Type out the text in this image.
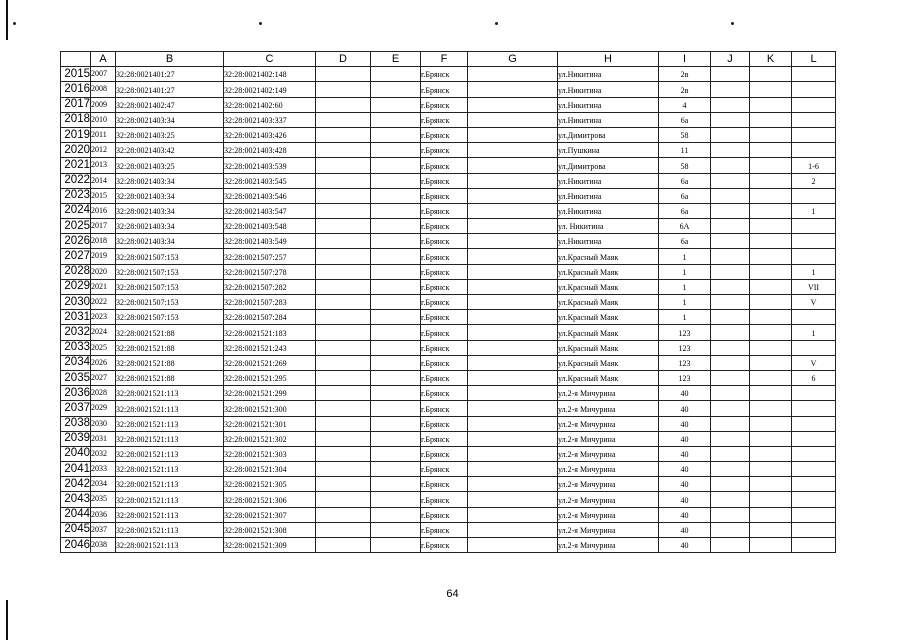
	A	B	C	D	E	F	G	H	I	J	K	L
2015	2007	32:28:0021401:27	32:28:0021402:148			г.Брянск		ул.Никитина	2в			
2016	2008	32:28:0021401:27	32:28:0021402:149			г.Брянск		ул.Никитина	2в			
2017	2009	32:28:0021402:47	32:28:0021402:60			г.Брянск		ул.Никитина	4			
2018	2010	32:28:0021403:34	32:28:0021403:337			г.Брянск		ул.Никитина	6а			
2019	2011	32:28:0021403:25	32:28:0021403:426			г.Брянск		ул.Димитрова	58			
2020	2012	32:28:0021403:42	32:28:0021403:428			г.Брянск		ул.Пушкина	11			
2021	2013	32:28:0021403:25	32:28:0021403:539			г.Брянск		ул.Димитрова	58			1-6
2022	2014	32:28:0021403:34	32:28:0021403:545			г.Брянск		ул.Никитина	6а			2
2023	2015	32:28:0021403:34	32:28:0021403:546			г.Брянск		ул.Никитина	6а			
2024	2016	32:28:0021403:34	32:28:0021403:547			г.Брянск		ул.Никитина	6а			1
2025	2017	32:28:0021403:34	32:28:0021403:548			г.Брянск		ул. Никитина	6А			
2026	2018	32:28:0021403:34	32:28:0021403:549			г.Брянск		ул.Никитина	6а			
2027	2019	32:28:0021507:153	32:28:0021507:257			г.Брянск		ул.Красный Маяк	1			
2028	2020	32:28:0021507:153	32:28:0021507:278			г.Брянск		ул.Красный Маяк	1			1
2029	2021	32:28:0021507:153	32:28:0021507:282			г.Брянск		ул.Красный Маяк	1			VII
2030	2022	32:28:0021507:153	32:28:0021507:283			г.Брянск		ул.Красный Маяк	1			V
2031	2023	32:28:0021507:153	32:28:0021507:284			г.Брянск		ул.Красный Маяк	1			
2032	2024	32:28:0021521:88	32:28:0021521:183			г.Брянск		ул.Красный Маяк	123			1
2033	2025	32:28:0021521:88	32:28:0021521:243			г.Брянск		ул.Красный Маяк	123			
2034	2026	32:28:0021521:88	32:28:0021521:269			г.Брянск		ул.Красный Маяк	123			V
2035	2027	32:28:0021521:88	32:28:0021521:295			г.Брянск		ул.Красный Маяк	123			6
2036	2028	32:28:0021521:113	32:28:0021521:299			г.Брянск		ул.2-я Мичурина	40			
2037	2029	32:28:0021521:113	32:28:0021521:300			г.Брянск		ул.2-я Мичурина	40			
2038	2030	32:28:0021521:113	32:28:0021521:301			г.Брянск		ул.2-я Мичурина	40			
2039	2031	32:28:0021521:113	32:28:0021521:302			г.Брянск		ул.2-я Мичурина	40			
2040	2032	32:28:0021521:113	32:28:0021521:303			г.Брянск		ул.2-я Мичурина	40			
2041	2033	32:28:0021521:113	32:28:0021521:304			г.Брянск		ул.2-я Мичурина	40			
2042	2034	32:28:0021521:113	32:28:0021521:305			г.Брянск		ул.2-я Мичурина	40			
2043	2035	32:28:0021521:113	32:28:0021521:306			г.Брянск		ул.2-я Мичурина	40			
2044	2036	32:28:0021521:113	32:28:0021521:307			г.Брянск		ул.2-я Мичурина	40			
2045	2037	32:28:0021521:113	32:28:0021521:308			г.Брянск		ул.2-я Мичурина	40			
2046	2038	32:28:0021521:113	32:28:0021521:309			г.Брянск		ул.2-я Мичурина	40			
64
